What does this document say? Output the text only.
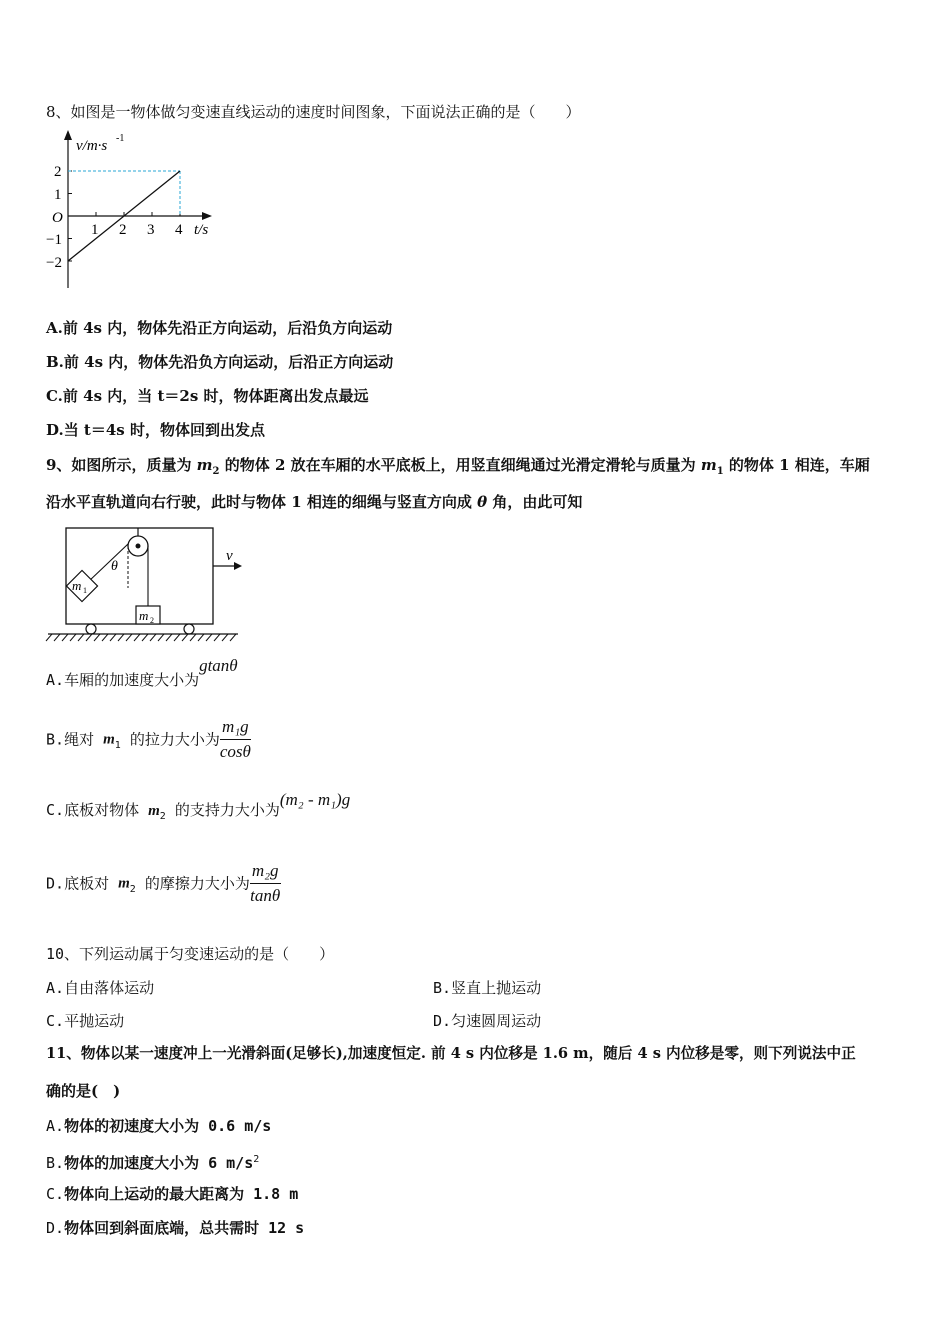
8、如图是一物体做匀变速直线运动的速度时间图象，下面说法正确的是（　　）
v/m·s -1
t/s
O
2
1
−1
−2
1 2 3 4
A.前 4s 内，物体先沿正方向运动，后沿负方向运动
B.前 4s 内，物体先沿负方向运动，后沿正方向运动
C.前 4s 内，当 t＝2s 时，物体距离出发点最远
D.当 t＝4s 时，物体回到出发点
9、如图所示，质量为 $m_2$ 的物体 2 放在车厢的水平底板上，用竖直细绳通过光滑定滑轮与质量为 $m_1$ 的物体 1 相连，车厢
沿水平直轨道向右行驶，此时与物体 1 相连的细绳与竖直方向成 θ 角，由此可知
θ
m 1
m 2
v
A.车厢的加速度大小为gtanθ
B.绳对 $m_1$ 的拉力大小为 $\frac{\text{m₁g}}{\cos\theta}$
C.底板对物体 $m_2$ 的支持力大小为(m₂ - m₁)g
D.底板对 $m_2$ 的摩擦力大小为 $\frac{\text{m₂g}}{\tan\theta}$
10、下列运动属于匀变速运动的是（　　）
A.自由落体运动	B.竖直上抛运动
C.平抛运动	D.匀速圆周运动
11、物体以某一速度冲上一光滑斜面(足够长),加速度恒定. 前 4 s 内位移是 1.6 m，随后 4 s 内位移是零，则下列说法中正
确的是(　)
A.物体的初速度大小为 0.6 m/s
B.物体的加速度大小为 6 $m/s^2$
C.物体向上运动的最大距离为 1.8 m
D.物体回到斜面底端，总共需时 12 s
